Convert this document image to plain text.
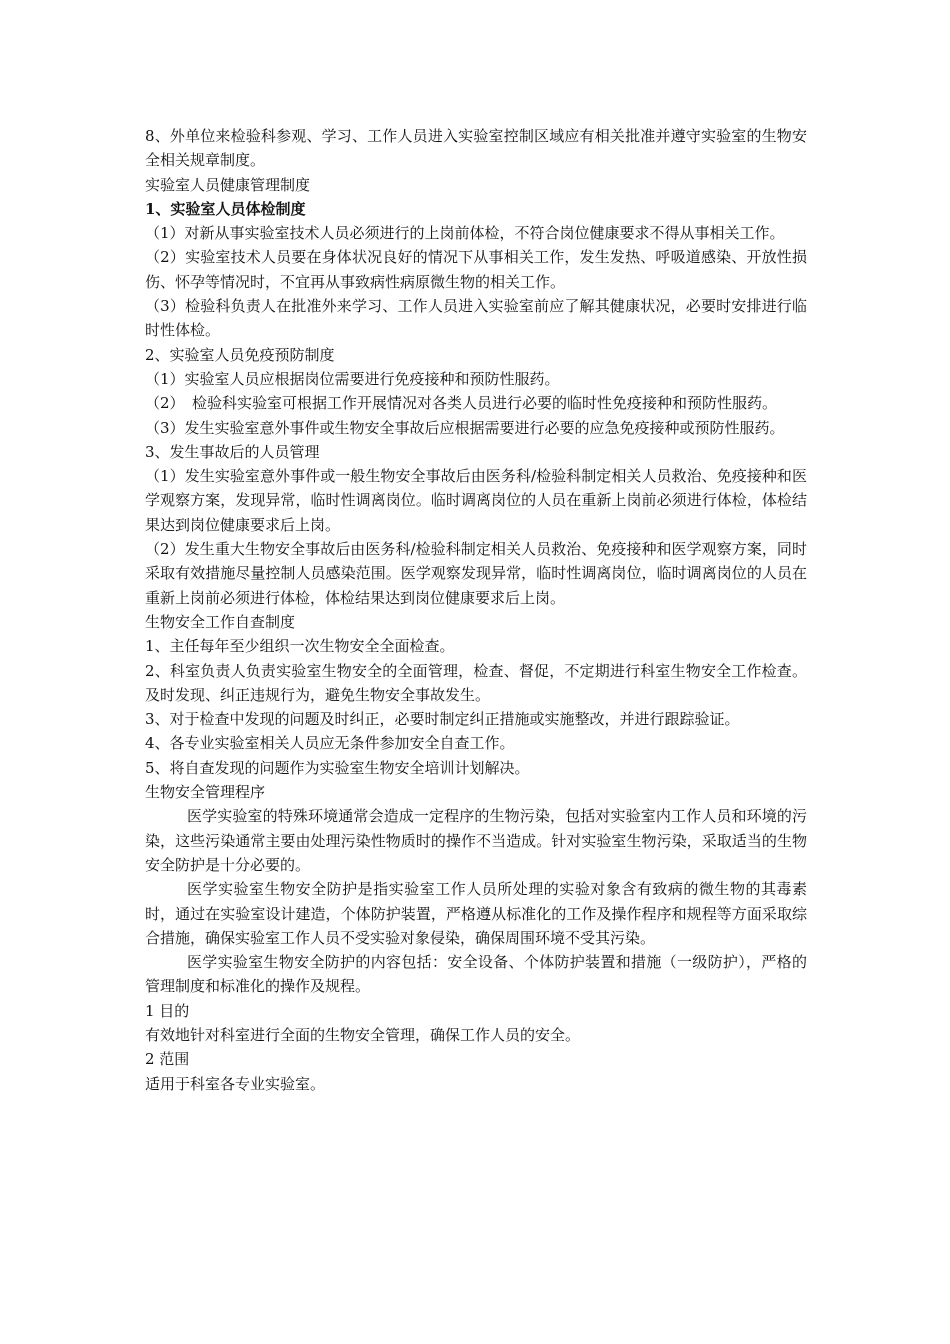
8、外单位来检验科参观、学习、工作人员进入实验室控制区域应有相关批准并遵守实验室的生物安全相关规章制度。

实验室人员健康管理制度

1、实验室人员体检制度

（1）对新从事实验室技术人员必须进行的上岗前体检，不符合岗位健康要求不得从事相关工作。

（2）实验室技术人员要在身体状况良好的情况下从事相关工作，发生发热、呼吸道感染、开放性损伤、怀孕等情况时，不宜再从事致病性病原微生物的相关工作。

（3）检验科负责人在批准外来学习、工作人员进入实验室前应了解其健康状况，必要时安排进行临时性体检。

2、实验室人员免疫预防制度

（1）实验室人员应根据岗位需要进行免疫接种和预防性服药。

（2）　检验科实验室可根据工作开展情况对各类人员进行必要的临时性免疫接种和预防性服药。

（3）发生实验室意外事件或生物安全事故后应根据需要进行必要的应急免疫接种或预防性服药。

3、发生事故后的人员管理

（1）发生实验室意外事件或一般生物安全事故后由医务科/检验科制定相关人员救治、免疫接种和医学观察方案，发现异常，临时性调离岗位。临时调离岗位的人员在重新上岗前必须进行体检，体检结果达到岗位健康要求后上岗。

（2）发生重大生物安全事故后由医务科/检验科制定相关人员救治、免疫接种和医学观察方案，同时采取有效措施尽量控制人员感染范围。医学观察发现异常，临时性调离岗位，临时调离岗位的人员在重新上岗前必须进行体检，体检结果达到岗位健康要求后上岗。

生物安全工作自查制度

1、主任每年至少组织一次生物安全全面检查。

2、科室负责人负责实验室生物安全的全面管理，检查、督促，不定期进行科室生物安全工作检查。及时发现、纠正违规行为，避免生物安全事故发生。

3、对于检查中发现的问题及时纠正，必要时制定纠正措施或实施整改，并进行跟踪验证。

4、各专业实验室相关人员应无条件参加安全自查工作。

5、将自查发现的问题作为实验室生物安全培训计划解决。

生物安全管理程序

医学实验室的特殊环境通常会造成一定程序的生物污染，包括对实验室内工作人员和环境的污染，这些污染通常主要由处理污染性物质时的操作不当造成。针对实验室生物污染，采取适当的生物安全防护是十分必要的。

医学实验室生物安全防护是指实验室工作人员所处理的实验对象含有致病的微生物的其毒素时，通过在实验室设计建造，个体防护装置，严格遵从标准化的工作及操作程序和规程等方面采取综合措施，确保实验室工作人员不受实验对象侵染，确保周围环境不受其污染。

医学实验室生物安全防护的内容包括：安全设备、个体防护装置和措施（一级防护），严格的管理制度和标准化的操作及规程。

1 目的

有效地针对科室进行全面的生物安全管理，确保工作人员的安全。

2 范围

适用于科室各专业实验室。
